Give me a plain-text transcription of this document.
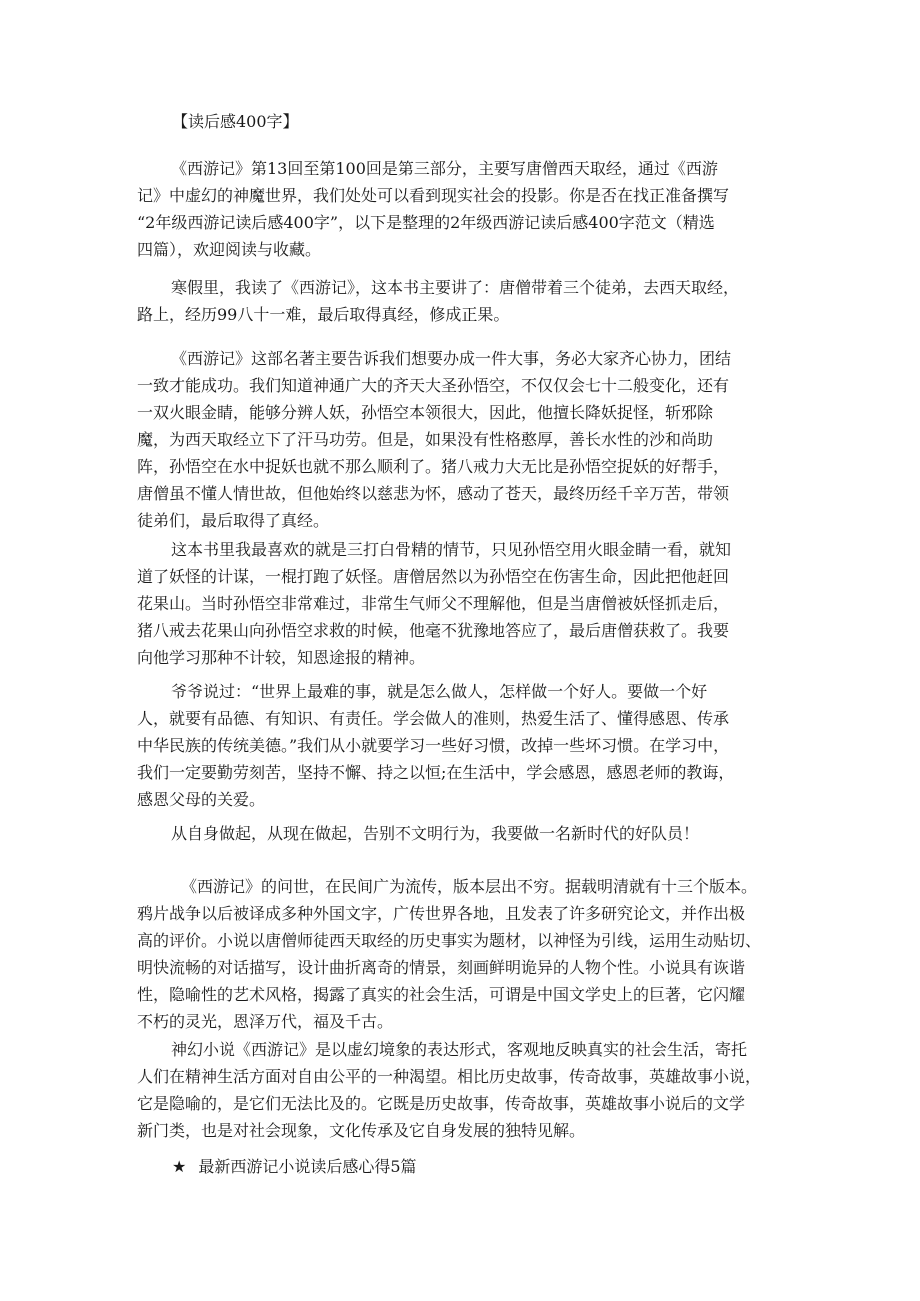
【读后感400字】
《西游记》第13回至第100回是第三部分，主要写唐僧西天取经，通过《西游
记》中虚幻的神魔世界，我们处处可以看到现实社会的投影。你是否在找正准备撰写
“2年级西游记读后感400字”，以下是整理的2年级西游记读后感400字范文（精选
四篇），欢迎阅读与收藏。
寒假里，我读了《西游记》，这本书主要讲了：唐僧带着三个徒弟，去西天取经，
路上，经历99八十一难，最后取得真经，修成正果。
《西游记》这部名著主要告诉我们想要办成一件大事，务必大家齐心协力，团结
一致才能成功。我们知道神通广大的齐天大圣孙悟空，不仅仅会七十二般变化，还有
一双火眼金睛，能够分辨人妖，孙悟空本领很大，因此，他擅长降妖捉怪，斩邪除
魔，为西天取经立下了汗马功劳。但是，如果没有性格憨厚，善长水性的沙和尚助
阵，孙悟空在水中捉妖也就不那么顺利了。猪八戒力大无比是孙悟空捉妖的好帮手，
唐僧虽不懂人情世故，但他始终以慈悲为怀，感动了苍天，最终历经千辛万苦，带领
徒弟们，最后取得了真经。
这本书里我最喜欢的就是三打白骨精的情节，只见孙悟空用火眼金睛一看，就知
道了妖怪的计谋，一棍打跑了妖怪。唐僧居然以为孙悟空在伤害生命，因此把他赶回
花果山。当时孙悟空非常难过，非常生气师父不理解他，但是当唐僧被妖怪抓走后，
猪八戒去花果山向孙悟空求救的时候，他毫不犹豫地答应了，最后唐僧获救了。我要
向他学习那种不计较，知恩途报的精神。
爷爷说过：“世界上最难的事，就是怎么做人，怎样做一个好人。要做一个好
人，就要有品德、有知识、有责任。学会做人的准则，热爱生活了、懂得感恩、传承
中华民族的传统美德。”我们从小就要学习一些好习惯，改掉一些坏习惯。在学习中，
我们一定要勤劳刻苦，坚持不懈、持之以恒;在生活中，学会感恩，感恩老师的教诲，
感恩父母的关爱。
从自身做起，从现在做起，告别不文明行为，我要做一名新时代的好队员！
《西游记》的问世，在民间广为流传，版本层出不穷。据载明清就有十三个版本。
鸦片战争以后被译成多种外国文字，广传世界各地，且发表了许多研究论文，并作出极
高的评价。小说以唐僧师徒西天取经的历史事实为题材，以神怪为引线，运用生动贴切、
明快流畅的对话描写，设计曲折离奇的情景，刻画鲜明诡异的人物个性。小说具有诙谐
性，隐喻性的艺术风格，揭露了真实的社会生活，可谓是中国文学史上的巨著，它闪耀
不朽的灵光，恩泽万代，福及千古。
神幻小说《西游记》是以虚幻境象的表达形式，客观地反映真实的社会生活，寄托
人们在精神生活方面对自由公平的一种渴望。相比历史故事，传奇故事，英雄故事小说，
它是隐喻的，是它们无法比及的。它既是历史故事，传奇故事，英雄故事小说后的文学
新门类，也是对社会现象，文化传承及它自身发展的独特见解。
★ 最新西游记小说读后感心得5篇
